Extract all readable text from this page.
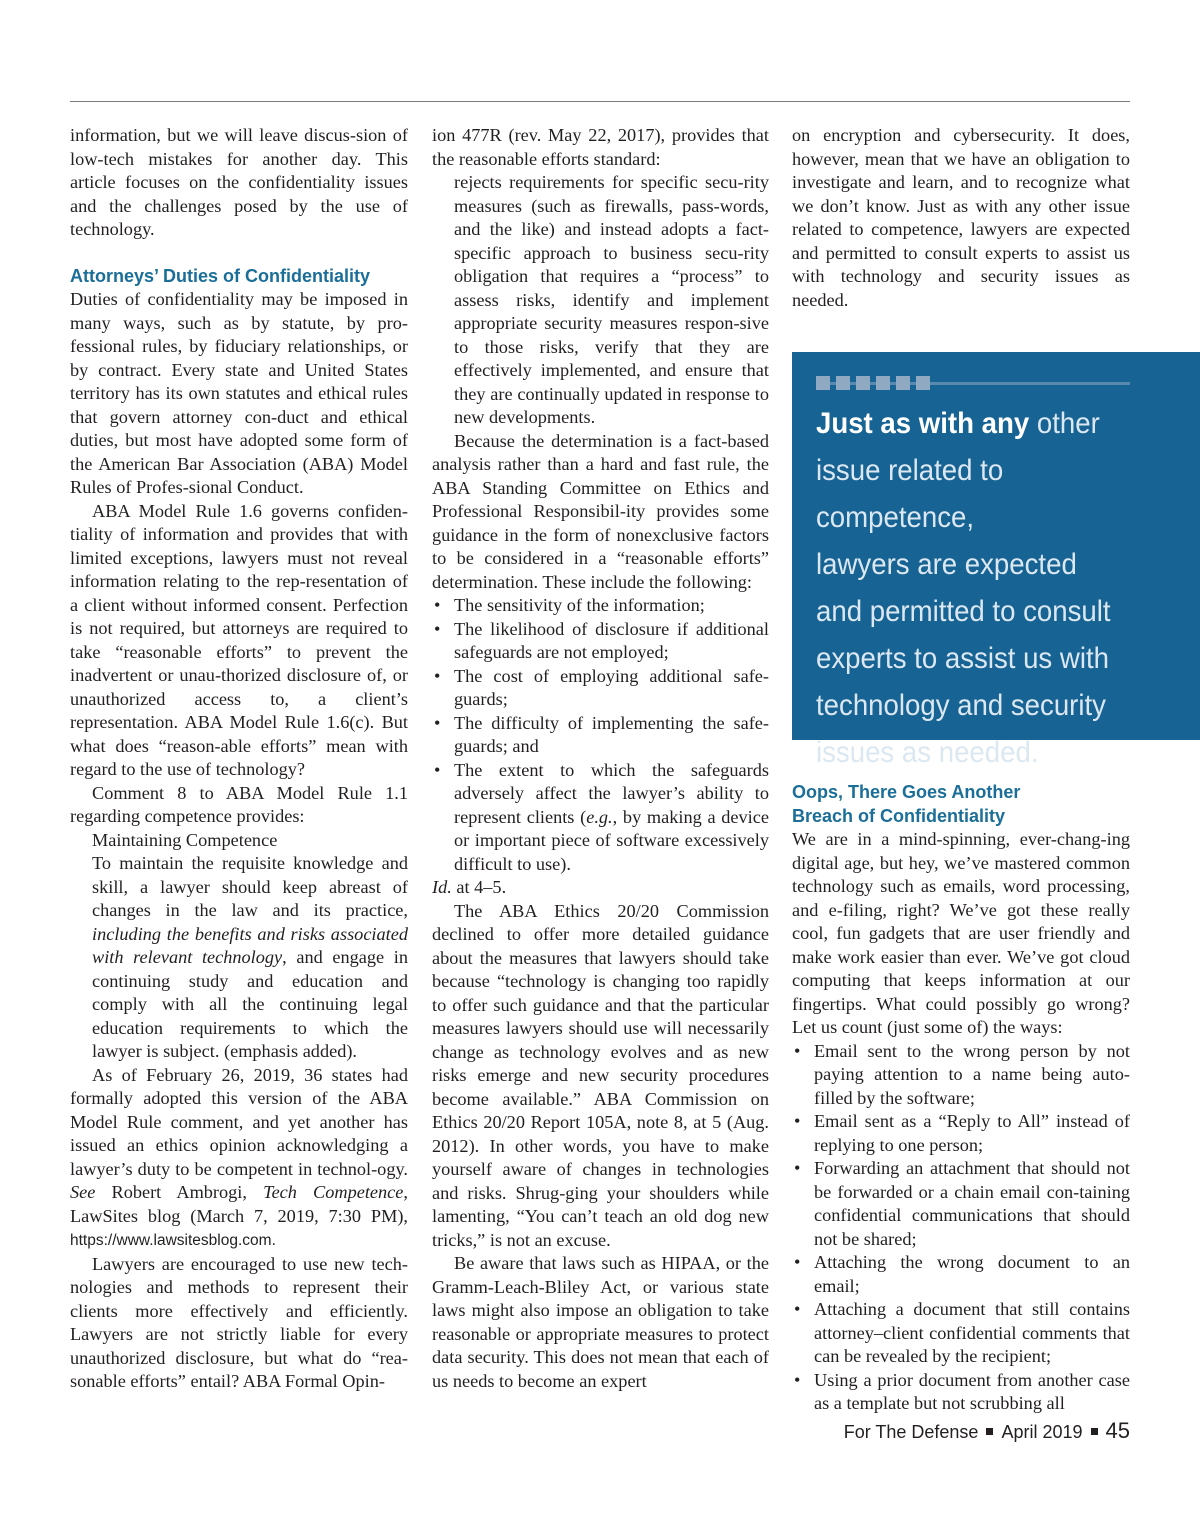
information, but we will leave discus-sion of low-tech mistakes for another day. This article focuses on the confidentiality issues and the challenges posed by the use of technology.

Attorneys’ Duties of Confidentiality

Duties of confidentiality may be imposed in many ways, such as by statute, by pro-fessional rules, by fiduciary relationships, or by contract. Every state and United States territory has its own statutes and ethical rules that govern attorney con-duct and ethical duties, but most have adopted some form of the American Bar Association (ABA) Model Rules of Profes-sional Conduct.

ABA Model Rule 1.6 governs confiden-tiality of information and provides that with limited exceptions, lawyers must not reveal information relating to the rep-resentation of a client without informed consent. Perfection is not required, but attorneys are required to take “reasonable efforts” to prevent the inadvertent or unau-thorized disclosure of, or unauthorized access to, a client’s representation. ABA Model Rule 1.6(c). But what does “reason-able efforts” mean with regard to the use of technology?

Comment 8 to ABA Model Rule 1.1 regarding competence provides:

Maintaining Competence

To maintain the requisite knowledge and skill, a lawyer should keep abreast of changes in the law and its practice, including the benefits and risks associated with relevant technology, and engage in continuing study and education and comply with all the continuing legal education requirements to which the lawyer is subject. (emphasis added).

As of February 26, 2019, 36 states had formally adopted this version of the ABA Model Rule comment, and yet another has issued an ethics opinion acknowledging a lawyer’s duty to be competent in technol-ogy. See Robert Ambrogi, Tech Competence, LawSites blog (March 7, 2019, 7:30 PM), https://www.lawsitesblog.com.

Lawyers are encouraged to use new tech-nologies and methods to represent their clients more effectively and efficiently. Lawyers are not strictly liable for every unauthorized disclosure, but what do “rea-sonable efforts” entail? ABA Formal Opin-

ion 477R (rev. May 22, 2017), provides that the reasonable efforts standard:

rejects requirements for specific secu-rity measures (such as firewalls, pass-words, and the like) and instead adopts a fact-specific approach to business secu-rity obligation that requires a “process” to assess risks, identify and implement appropriate security measures respon-sive to those risks, verify that they are effectively implemented, and ensure that they are continually updated in response to new developments.

Because the determination is a fact-based analysis rather than a hard and fast rule, the ABA Standing Committee on Ethics and Professional Responsibil-ity provides some guidance in the form of nonexclusive factors to be considered in a “reasonable efforts” determination. These include the following:

• The sensitivity of the information;
• The likelihood of disclosure if additional safeguards are not employed;
• The cost of employing additional safe-guards;
• The difficulty of implementing the safe-guards; and
• The extent to which the safeguards adversely affect the lawyer’s ability to represent clients (e.g., by making a device or important piece of software excessively difficult to use).

Id. at 4–5.

The ABA Ethics 20/20 Commission declined to offer more detailed guidance about the measures that lawyers should take because “technology is changing too rapidly to offer such guidance and that the particular measures lawyers should use will necessarily change as technology evolves and as new risks emerge and new security procedures become available.” ABA Commission on Ethics 20/20 Report 105A, note 8, at 5 (Aug. 2012). In other words, you have to make yourself aware of changes in technologies and risks. Shrug-ging your shoulders while lamenting, “You can’t teach an old dog new tricks,” is not an excuse.

Be aware that laws such as HIPAA, or the Gramm-Leach-Bliley Act, or various state laws might also impose an obligation to take reasonable or appropriate measures to protect data security. This does not mean that each of us needs to become an expert

on encryption and cybersecurity. It does, however, mean that we have an obligation to investigate and learn, and to recognize what we don’t know. Just as with any other issue related to competence, lawyers are expected and permitted to consult experts to assist us with technology and security issues as needed.

Just as with any other
issue related to competence,
lawyers are expected
and permitted to consult
experts to assist us with
technology and security
issues as needed.

Oops, There Goes Another
Breach of Confidentiality

We are in a mind-spinning, ever-chang-ing digital age, but hey, we’ve mastered common technology such as emails, word processing, and e-filing, right? We’ve got these really cool, fun gadgets that are user friendly and make work easier than ever. We’ve got cloud computing that keeps information at our fingertips. What could possibly go wrong? Let us count (just some of) the ways:

• Email sent to the wrong person by not paying attention to a name being auto-filled by the software;
• Email sent as a “Reply to All” instead of replying to one person;
• Forwarding an attachment that should not be forwarded or a chain email con-taining confidential communications that should not be shared;
• Attaching the wrong document to an email;
• Attaching a document that still contains attorney–client confidential comments that can be revealed by the recipient;
• Using a prior document from another case as a template but not scrubbing all
For The Defense April 2019 45
